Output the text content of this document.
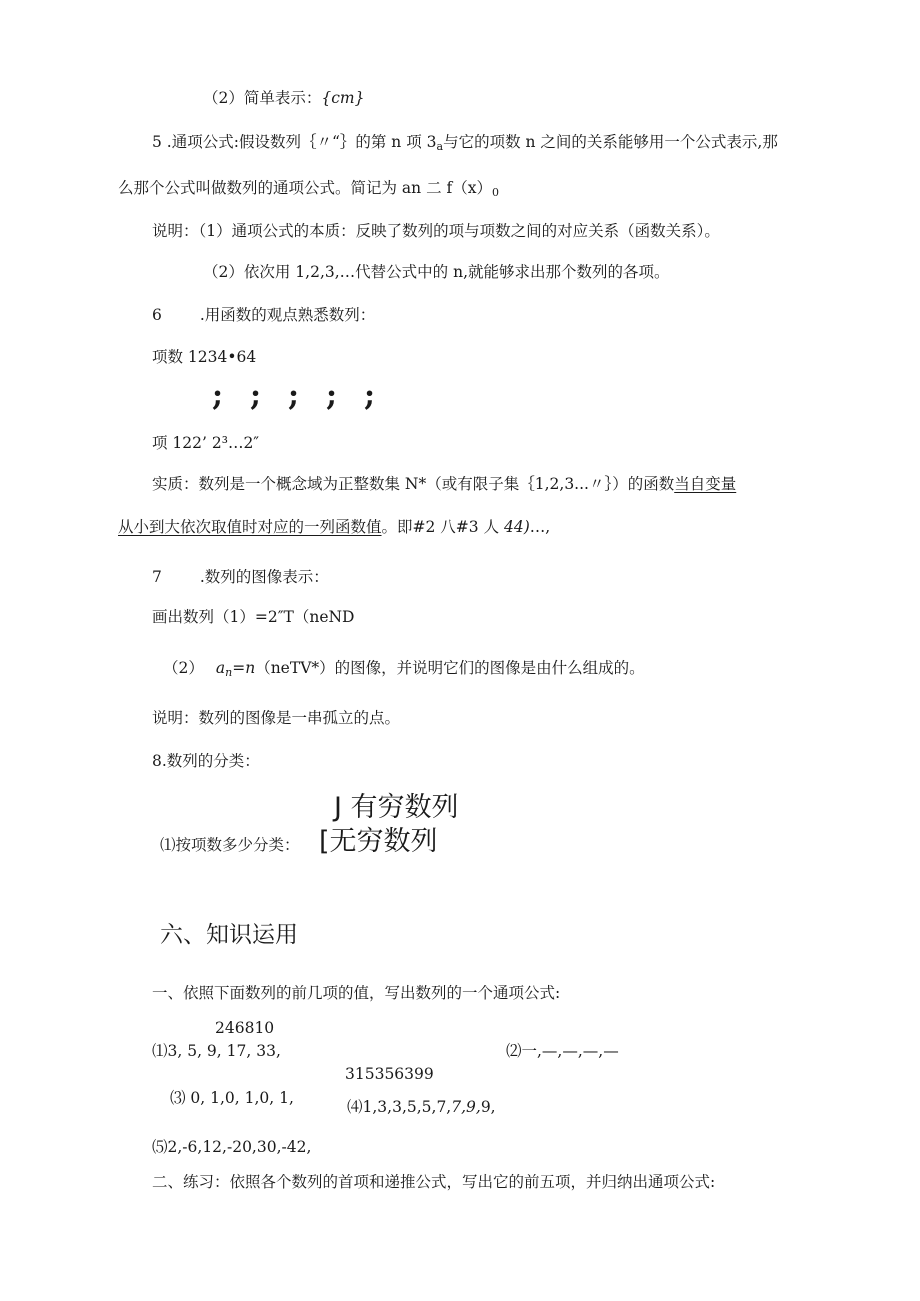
（2）简单表示：{cm}
5 .通项公式:假设数列｛〃“｝的第 n 项 3a与它的项数 n 之间的关系能够用一个公式表示,那
么那个公式叫做数列的通项公式。简记为 an 二 f（x）0
说明：（1）通项公式的本质：反映了数列的项与项数之间的对应关系（函数关系）。
（2）依次用 1,2,3,…代替公式中的 n,就能够求出那个数列的各项。
6 .用函数的观点熟悉数列：
项数 1234•64
; ; ; ; ;
项 122’ 2³…2″
实质：数列是一个概念域为正整数集 N*（或有限子集｛1,2,3...〃｝）的函数当自变量
从小到大依次取值时对应的一列函数值。即#2 八#3 人 44)…,
7 .数列的图像表示：
画出数列（1）=2″T（neND
（2） an=n（neTV*）的图像，并说明它们的图像是由什么组成的。
说明：数列的图像是一串孤立的点。
8.数列的分类：
J 有穷数列
⑴按项数多少分类： [无穷数列
六、知识运用
一、依照下面数列的前几项的值，写出数列的一个通项公式:
246810
⑴3, 5, 9, 17, 33,	⑵一,—,—,—,—
315356399
⑶ 0, 1,0, 1,0, 1,	⑷1,3,3,5,5,7,7,9,9,
⑸2,-6,12,-20,30,-42,
二、练习：依照各个数列的首项和递推公式，写出它的前五项，并归纳出通项公式:
